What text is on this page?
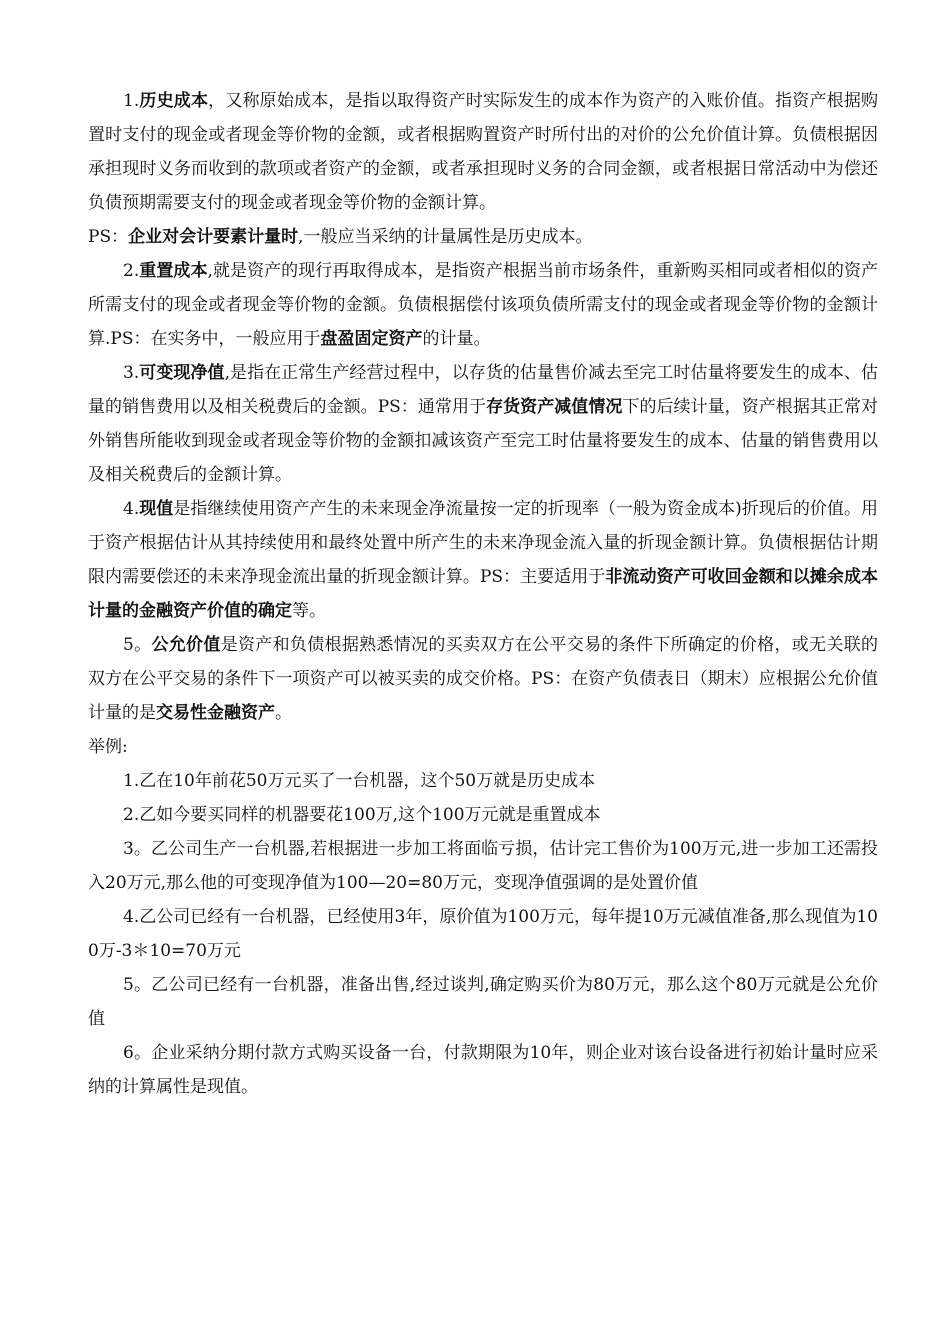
1.历史成本，又称原始成本，是指以取得资产时实际发生的成本作为资产的入账价值。指资产根据购置时支付的现金或者现金等价物的金额，或者根据购置资产时所付出的对价的公允价值计算。负债根据因承担现时义务而收到的款项或者资产的金额，或者承担现时义务的合同金额，或者根据日常活动中为偿还负债预期需要支付的现金或者现金等价物的金额计算。

PS：企业对会计要素计量时,一般应当采纳的计量属性是历史成本。

2.重置成本,就是资产的现行再取得成本，是指资产根据当前市场条件，重新购买相同或者相似的资产所需支付的现金或者现金等价物的金额。负债根据偿付该项负债所需支付的现金或者现金等价物的金额计算.PS：在实务中，一般应用于盘盈固定资产的计量。

3.可变现净值,是指在正常生产经营过程中，以存货的估量售价减去至完工时估量将要发生的成本、估量的销售费用以及相关税费后的金额。PS：通常用于存货资产减值情况下的后续计量，资产根据其正常对外销售所能收到现金或者现金等价物的金额扣减该资产至完工时估量将要发生的成本、估量的销售费用以及相关税费后的金额计算。

4.现值是指继续使用资产产生的未来现金净流量按一定的折现率（一般为资金成本)折现后的价值。用于资产根据估计从其持续使用和最终处置中所产生的未来净现金流入量的折现金额计算。负债根据估计期限内需要偿还的未来净现金流出量的折现金额计算。PS：主要适用于非流动资产可收回金额和以摊余成本计量的金融资产价值的确定等。

5。公允价值是资产和负债根据熟悉情况的买卖双方在公平交易的条件下所确定的价格，或无关联的双方在公平交易的条件下一项资产可以被买卖的成交价格。PS：在资产负债表日（期末）应根据公允价值计量的是交易性金融资产。

举例:

1.乙在10年前花50万元买了一台机器，这个50万就是历史成本

2.乙如今要买同样的机器要花100万,这个100万元就是重置成本

3。乙公司生产一台机器,若根据进一步加工将面临亏损，估计完工售价为100万元,进一步加工还需投入20万元,那么他的可变现净值为100—20=80万元，变现净值强调的是处置价值

4.乙公司已经有一台机器，已经使用3年，原价值为100万元，每年提10万元减值准备,那么现值为100万-3＊10=70万元

5。乙公司已经有一台机器，准备出售,经过谈判,确定购买价为80万元，那么这个80万元就是公允价值

6。企业采纳分期付款方式购买设备一台，付款期限为10年，则企业对该台设备进行初始计量时应采纳的计算属性是现值。
